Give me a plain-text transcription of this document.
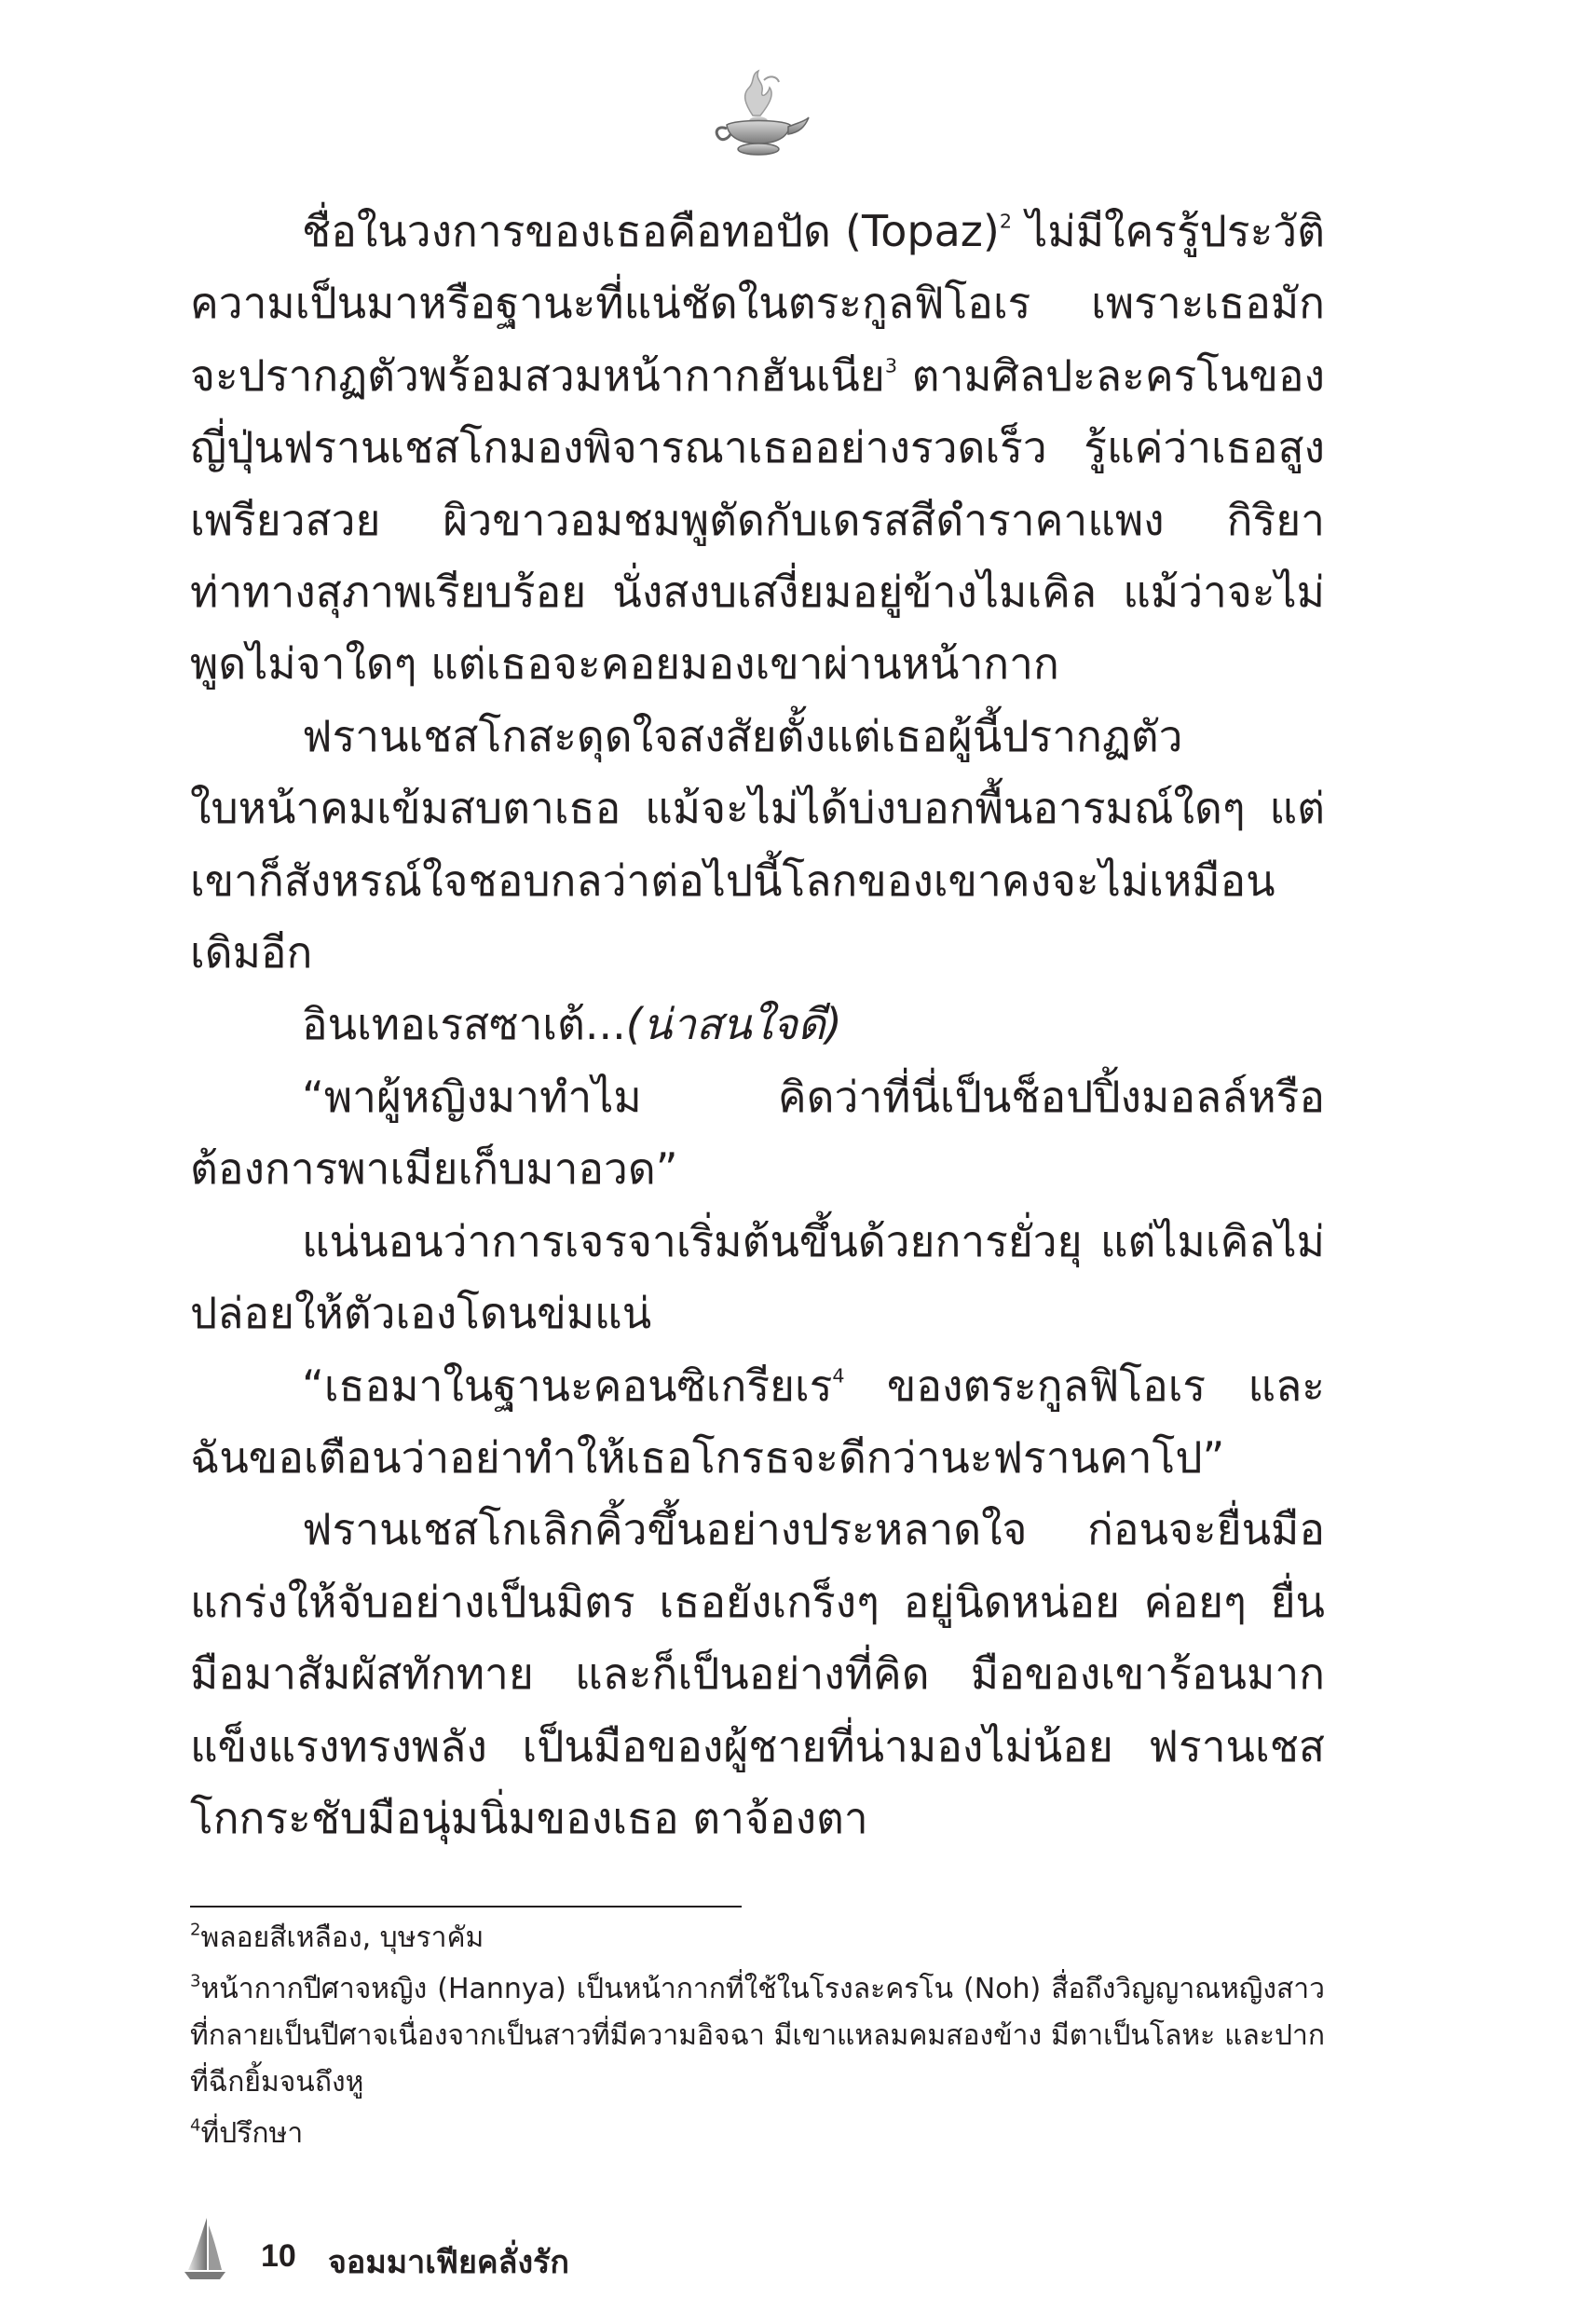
ชื่อในวงการของเธอคือทอปัด (Topaz)$^2$ ไม่มีใครรู้ประวัติความเป็นมาหรือฐานะที่แน่ชัดในตระกูลฟิโอเร เพราะเธอมักจะปรากฏตัวพร้อมสวมหน้ากากฮันเนีย$^3$ ตามศิลปะละครโนของญี่ปุ่นฟรานเชสโกมองพิจารณาเธออย่างรวดเร็ว รู้แค่ว่าเธอสูงเพรียวสวย ผิวขาวอมชมพูตัดกับเดรสสีดำราคาแพง กิริยาท่าทางสุภาพเรียบร้อย นั่งสงบเสงี่ยมอยู่ข้างไมเคิล แม้ว่าจะไม่พูดไม่จาใดๆ แต่เธอจะคอยมองเขาผ่านหน้ากาก

ฟรานเชสโกสะดุดใจสงสัยตั้งแต่เธอผู้นี้ปรากฏตัว ใบหน้าคมเข้มสบตาเธอ แม้จะไม่ได้บ่งบอกพื้นอารมณ์ใดๆ แต่เขาก็สังหรณ์ใจชอบกลว่าต่อไปนี้โลกของเขาคงจะไม่เหมือนเดิมอีก

อินเทอเรสซาเต้...(น่าสนใจดี)

“พาผู้หญิงมาทำไม คิดว่าที่นี่เป็นช็อปปิ้งมอลล์หรือต้องการพาเมียเก็บมาอวด”

แน่นอนว่าการเจรจาเริ่มต้นขึ้นด้วยการยั่วยุ แต่ไมเคิลไม่ปล่อยให้ตัวเองโดนข่มแน่

“เธอมาในฐานะคอนซิเกรียเร$^4$ ของตระกูลฟิโอเร และฉันขอเตือนว่าอย่าทำให้เธอโกรธจะดีกว่านะฟรานคาโป”

ฟรานเชสโกเลิกคิ้วขึ้นอย่างประหลาดใจ ก่อนจะยื่นมือแกร่งให้จับอย่างเป็นมิตร เธอยังเกร็งๆ อยู่นิดหน่อย ค่อยๆ ยื่นมือมาสัมผัสทักทาย และก็เป็นอย่างที่คิด มือของเขาร้อนมาก แข็งแรงทรงพลัง เป็นมือของผู้ชายที่น่ามองไม่น้อย ฟรานเชสโกกระชับมือนุ่มนิ่มของเธอ ตาจ้องตา

$^2$พลอยสีเหลือง, บุษราคัม

$^3$หน้ากากปีศาจหญิง (Hannya) เป็นหน้ากากที่ใช้ในโรงละครโน (Noh) สื่อถึงวิญญาณหญิงสาวที่กลายเป็นปีศาจเนื่องจากเป็นสาวที่มีความอิจฉา มีเขาแหลมคมสองข้าง มีตาเป็นโลหะ และปากที่ฉีกยิ้มจนถึงหู

$^4$ที่ปรึกษา

10 จอมมาเฟียคลั่งรัก
